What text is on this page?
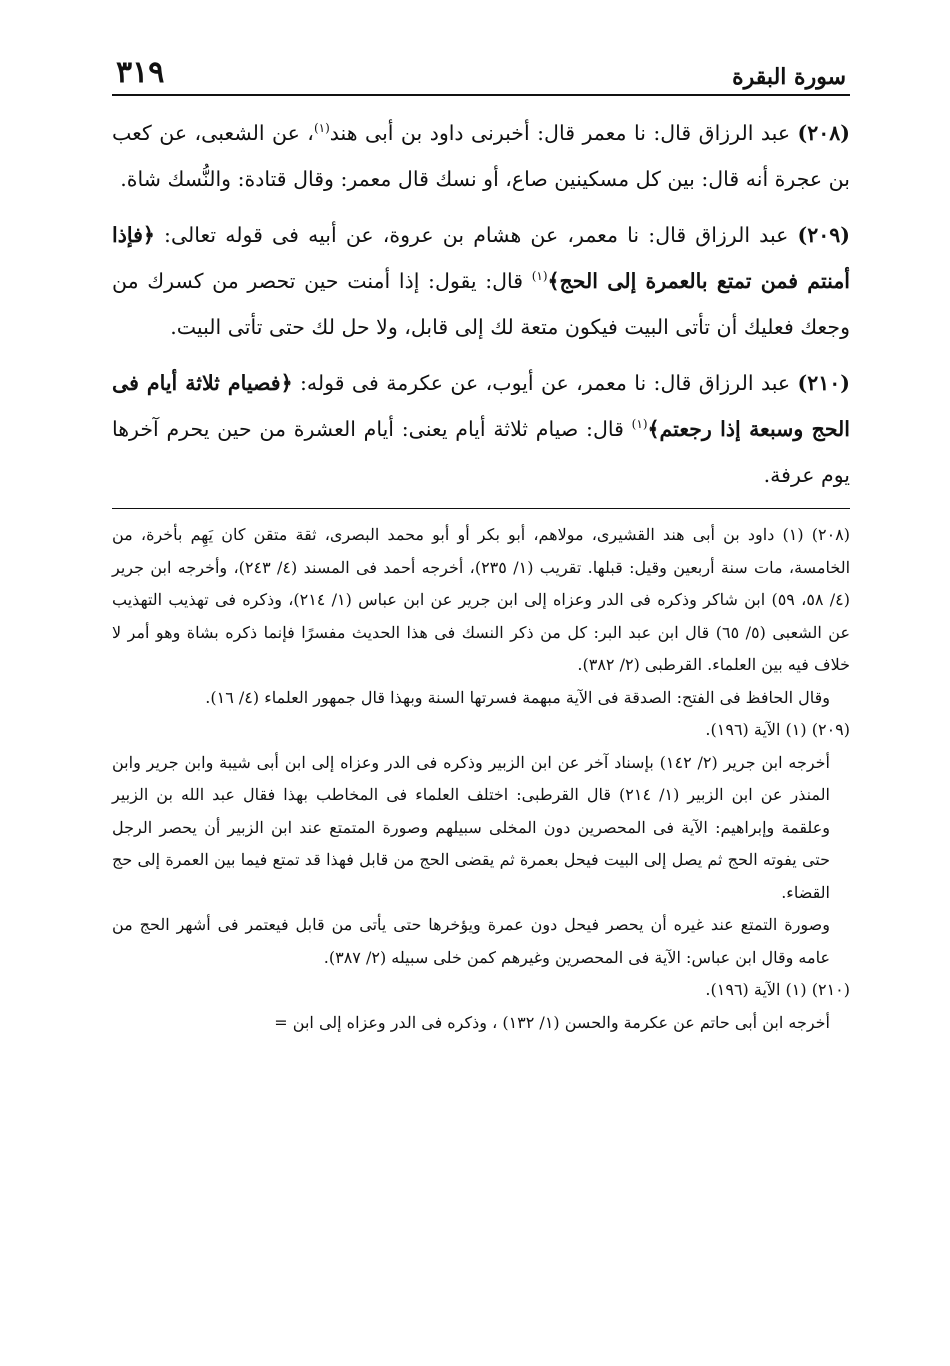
سورة البقرة
٣١٩

(٢٠٨) عبد الرزاق قال: نا معمر قال: أخبرنى داود بن أبى هند$^{(١)}$، عن الشعبى، عن كعب بن عجرة أنه قال: بين كل مسكينين صاع، أو نسك قال معمر: وقال قتادة: والنُّسك شاة.

(٢٠٩) عبد الرزاق قال: نا معمر، عن هشام بن عروة، عن أبيه فى قوله تعالى: ﴿فإذا أمنتم فمن تمتع بالعمرة إلى الحج﴾$^{(١)}$ قال: يقول: إذا أمنت حين تحصر من كسرك من وجعك فعليك أن تأتى البيت فيكون متعة لك إلى قابل، ولا حل لك حتى تأتى البيت.

(٢١٠) عبد الرزاق قال: نا معمر، عن أيوب، عن عكرمة فى قوله: ﴿فصيام ثلاثة أيام فى الحج وسبعة إذا رجعتم﴾$^{(١)}$ قال: صيام ثلاثة أيام يعنى: أيام العشرة من حين يحرم آخرها يوم عرفة.

(٢٠٨) (١) داود بن أبى هند القشيرى، مولاهم، أبو بكر أو أبو محمد البصرى، ثقة متقن كان يَهِم بأخرة، من الخامسة، مات سنة أربعين وقيل: قبلها. تقريب (١/ ٢٣٥)، أخرجه أحمد فى المسند (٤/ ٢٤٣)، وأخرجه ابن جرير (٤/ ٥٨، ٥٩) ابن شاكر وذكره فى الدر وعزاه إلى ابن جرير عن ابن عباس (١/ ٢١٤)، وذكره فى تهذيب التهذيب عن الشعبى (٥/ ٦٥) قال ابن عبد البر: كل من ذكر النسك فى هذا الحديث مفسرًا فإنما ذكره بشاة وهو أمر لا خلاف فيه بين العلماء. القرطبى (٢/ ٣٨٢).

وقال الحافظ فى الفتح: الصدقة فى الآية مبهمة فسرتها السنة وبهذا قال جمهور العلماء (٤/ ١٦).

(٢٠٩) (١) الآية (١٩٦).

أخرجه ابن جرير (٢/ ١٤٢) بإسناد آخر عن ابن الزبير وذكره فى الدر وعزاه إلى ابن أبى شيبة وابن جرير وابن المنذر عن ابن الزبير (١/ ٢١٤) قال القرطبى: اختلف العلماء فى المخاطب بهذا فقال عبد الله بن الزبير وعلقمة وإبراهيم: الآية فى المحصرين دون المخلى سبيلهم وصورة المتمتع عند ابن الزبير أن يحصر الرجل حتى يفوته الحج ثم يصل إلى البيت فيحل بعمرة ثم يقضى الحج من قابل فهذا قد تمتع فيما بين العمرة إلى حج القضاء.

وصورة التمتع عند غيره أن يحصر فيحل دون عمرة ويؤخرها حتى يأتى من قابل فيعتمر فى أشهر الحج من عامه وقال ابن عباس: الآية فى المحصرين وغيرهم كمن خلى سبيله (٢/ ٣٨٧).

(٢١٠) (١) الآية (١٩٦).

أخرجه ابن أبى حاتم عن عكرمة والحسن (١/ ١٣٢) ، وذكره فى الدر وعزاه إلى ابن =
